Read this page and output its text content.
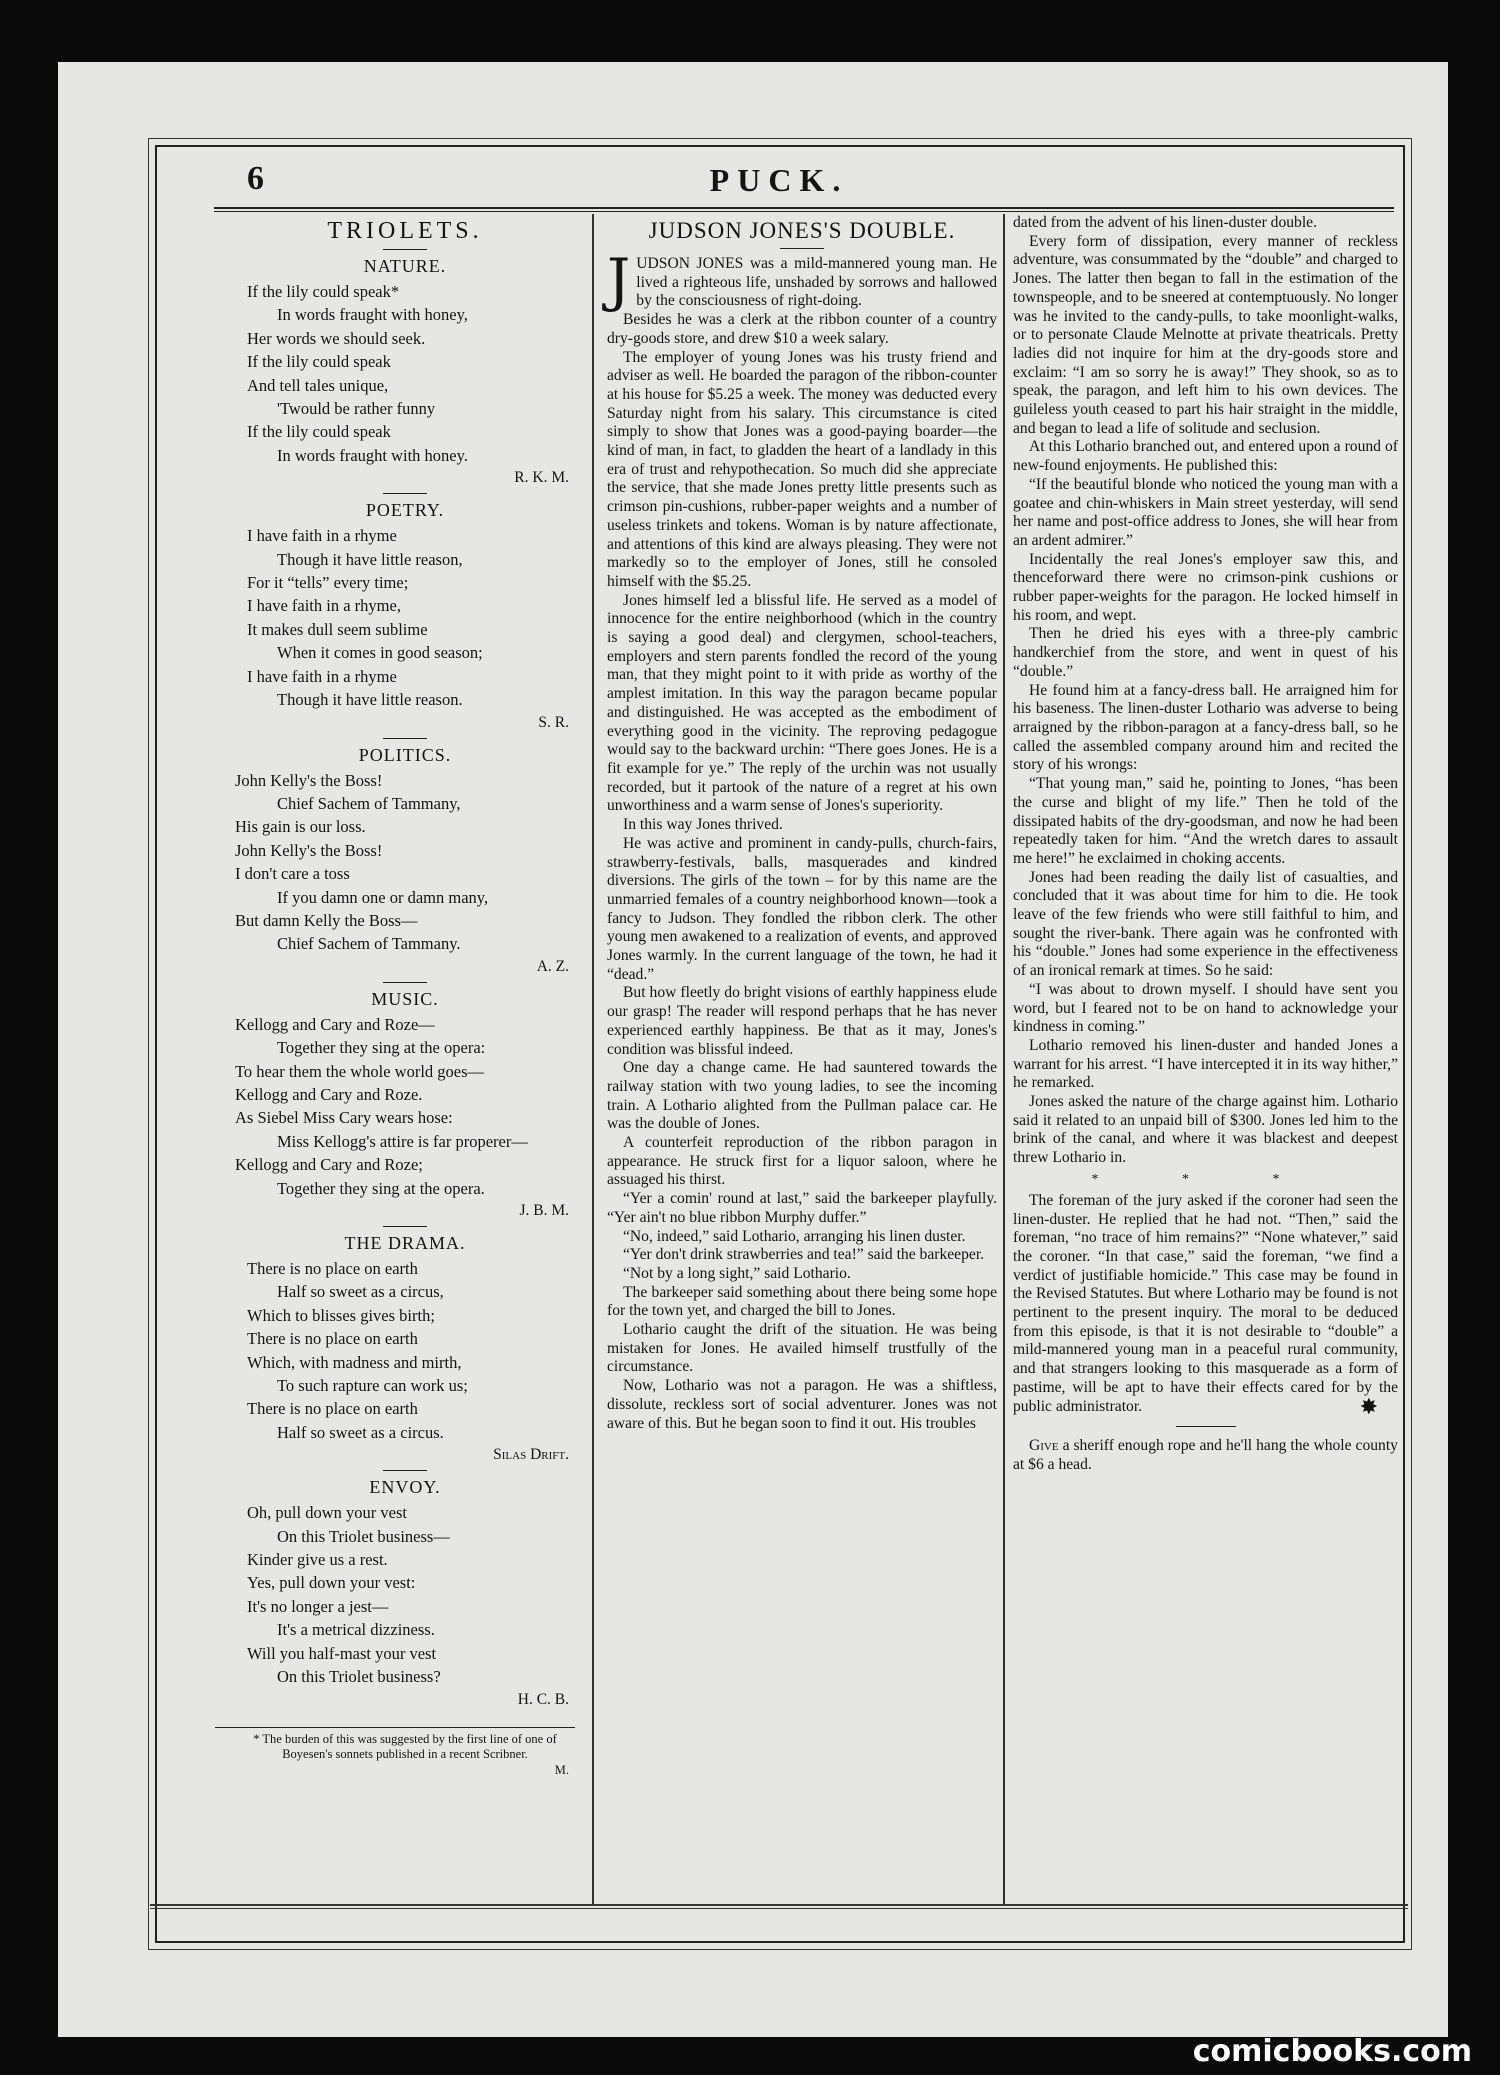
6	PUCK.
TRIOLETS.
NATURE.

If the lily could speak*

In words fraught with honey,

Her words we should seek.

If the lily could speak

And tell tales unique,

'Twould be rather funny

If the lily could speak

In words fraught with honey.

R. K. M.

POETRY.

I have faith in a rhyme

Though it have little reason,

For it “tells” every time;

I have faith in a rhyme,

It makes dull seem sublime

When it comes in good season;

I have faith in a rhyme

Though it have little reason.

S. R.

POLITICS.

John Kelly's the Boss!

Chief Sachem of Tammany,

His gain is our loss.

John Kelly's the Boss!

I don't care a toss

If you damn one or damn many,

But damn Kelly the Boss—

Chief Sachem of Tammany.

A. Z.

MUSIC.

Kellogg and Cary and Roze—

Together they sing at the opera:

To hear them the whole world goes—

Kellogg and Cary and Roze.

As Siebel Miss Cary wears hose:

Miss Kellogg's attire is far properer—

Kellogg and Cary and Roze;

Together they sing at the opera.

J. B. M.

THE DRAMA.

There is no place on earth

Half so sweet as a circus,

Which to blisses gives birth;

There is no place on earth

Which, with madness and mirth,

To such rapture can work us;

There is no place on earth

Half so sweet as a circus.

Silas Drift.

ENVOY.

Oh, pull down your vest

On this Triolet business—

Kinder give us a rest.

Yes, pull down your vest:

It's no longer a jest—

It's a metrical dizziness.

Will you half-mast your vest

On this Triolet business?

H. C. B.

* The burden of this was suggested by the first line of one of Boyesen's sonnets published in a recent Scribner.

M.

JUDSON JONES'S DOUBLE.

JUDSON JONES was a mild-mannered young man. He lived a righteous life, unshaded by sorrows and hallowed by the consciousness of right-doing.

Besides he was a clerk at the ribbon counter of a country dry-goods store, and drew $10 a week salary.

The employer of young Jones was his trusty friend and adviser as well. He boarded the paragon of the ribbon-counter at his house for $5.25 a week. The money was deducted every Saturday night from his salary. This circumstance is cited simply to show that Jones was a good-paying boarder—the kind of man, in fact, to gladden the heart of a landlady in this era of trust and rehypothecation. So much did she appreciate the service, that she made Jones pretty little presents such as crimson pin-cushions, rubber-paper weights and a number of useless trinkets and tokens. Woman is by nature affectionate, and attentions of this kind are always pleasing. They were not markedly so to the employer of Jones, still he consoled himself with the $5.25.

Jones himself led a blissful life. He served as a model of innocence for the entire neighborhood (which in the country is saying a good deal) and clergymen, school-teachers, employers and stern parents fondled the record of the young man, that they might point to it with pride as worthy of the amplest imitation. In this way the paragon became popular and distinguished. He was accepted as the embodiment of everything good in the vicinity. The reproving pedagogue would say to the backward urchin: “There goes Jones. He is a fit example for ye.” The reply of the urchin was not usually recorded, but it partook of the nature of a regret at his own unworthiness and a warm sense of Jones's superiority.

In this way Jones thrived.

He was active and prominent in candy-pulls, church-fairs, strawberry-festivals, balls, masquerades and kindred diversions. The girls of the town – for by this name are the unmarried females of a country neighborhood known—took a fancy to Judson. They fondled the ribbon clerk. The other young men awakened to a realization of events, and approved Jones warmly. In the current language of the town, he had it “dead.”

But how fleetly do bright visions of earthly happiness elude our grasp! The reader will respond perhaps that he has never experienced earthly happiness. Be that as it may, Jones's condition was blissful indeed.

One day a change came. He had sauntered towards the railway station with two young ladies, to see the incoming train. A Lothario alighted from the Pullman palace car. He was the double of Jones.

A counterfeit reproduction of the ribbon paragon in appearance. He struck first for a liquor saloon, where he assuaged his thirst.

“Yer a comin' round at last,” said the barkeeper playfully. “Yer ain't no blue ribbon Murphy duffer.”

“No, indeed,” said Lothario, arranging his linen duster.

“Yer don't drink strawberries and tea!” said the barkeeper.

“Not by a long sight,” said Lothario.

The barkeeper said something about there being some hope for the town yet, and charged the bill to Jones.

Lothario caught the drift of the situation. He was being mistaken for Jones. He availed himself trustfully of the circumstance.

Now, Lothario was not a paragon. He was a shiftless, dissolute, reckless sort of social adventurer. Jones was not aware of this. But he began soon to find it out. His troubles

dated from the advent of his linen-duster double.

Every form of dissipation, every manner of reckless adventure, was consummated by the “double” and charged to Jones. The latter then began to fall in the estimation of the townspeople, and to be sneered at contemptuously. No longer was he invited to the candy-pulls, to take moonlight-walks, or to personate Claude Melnotte at private theatricals. Pretty ladies did not inquire for him at the dry-goods store and exclaim: “I am so sorry he is away!” They shook, so as to speak, the paragon, and left him to his own devices. The guileless youth ceased to part his hair straight in the middle, and began to lead a life of solitude and seclusion.

At this Lothario branched out, and entered upon a round of new-found enjoyments. He published this:

“If the beautiful blonde who noticed the young man with a goatee and chin-whiskers in Main street yesterday, will send her name and post-office address to Jones, she will hear from an ardent admirer.”

Incidentally the real Jones's employer saw this, and thenceforward there were no crimson-pink cushions or rubber paper-weights for the paragon. He locked himself in his room, and wept.

Then he dried his eyes with a three-ply cambric handkerchief from the store, and went in quest of his “double.”

He found him at a fancy-dress ball. He arraigned him for his baseness. The linen-duster Lothario was adverse to being arraigned by the ribbon-paragon at a fancy-dress ball, so he called the assembled company around him and recited the story of his wrongs:

“That young man,” said he, pointing to Jones, “has been the curse and blight of my life.” Then he told of the dissipated habits of the dry-goodsman, and now he had been repeatedly taken for him. “And the wretch dares to assault me here!” he exclaimed in choking accents.

Jones had been reading the daily list of casualties, and concluded that it was about time for him to die. He took leave of the few friends who were still faithful to him, and sought the river-bank. There again was he confronted with his “double.” Jones had some experience in the effectiveness of an ironical remark at times. So he said:

“I was about to drown myself. I should have sent you word, but I feared not to be on hand to acknowledge your kindness in coming.”

Lothario removed his linen-duster and handed Jones a warrant for his arrest. “I have intercepted it in its way hither,” he remarked.

Jones asked the nature of the charge against him. Lothario said it related to an unpaid bill of $300. Jones led him to the brink of the canal, and where it was blackest and deepest threw Lothario in.

* * *

The foreman of the jury asked if the coroner had seen the linen-duster. He replied that he had not. “Then,” said the foreman, “no trace of him remains?” “None whatever,” said the coroner. “In that case,” said the foreman, “we find a verdict of justifiable homicide.” This case may be found in the Revised Statutes. But where Lothario may be found is not pertinent to the present inquiry. The moral to be deduced from this episode, is that it is not desirable to “double” a mild-mannered young man in a peaceful rural community, and that strangers looking to this masquerade as a form of pastime, will be apt to have their effects cared for by the public administrator.	✸

Give a sheriff enough rope and he'll hang the whole county at $6 a head.

comicbooks.com
